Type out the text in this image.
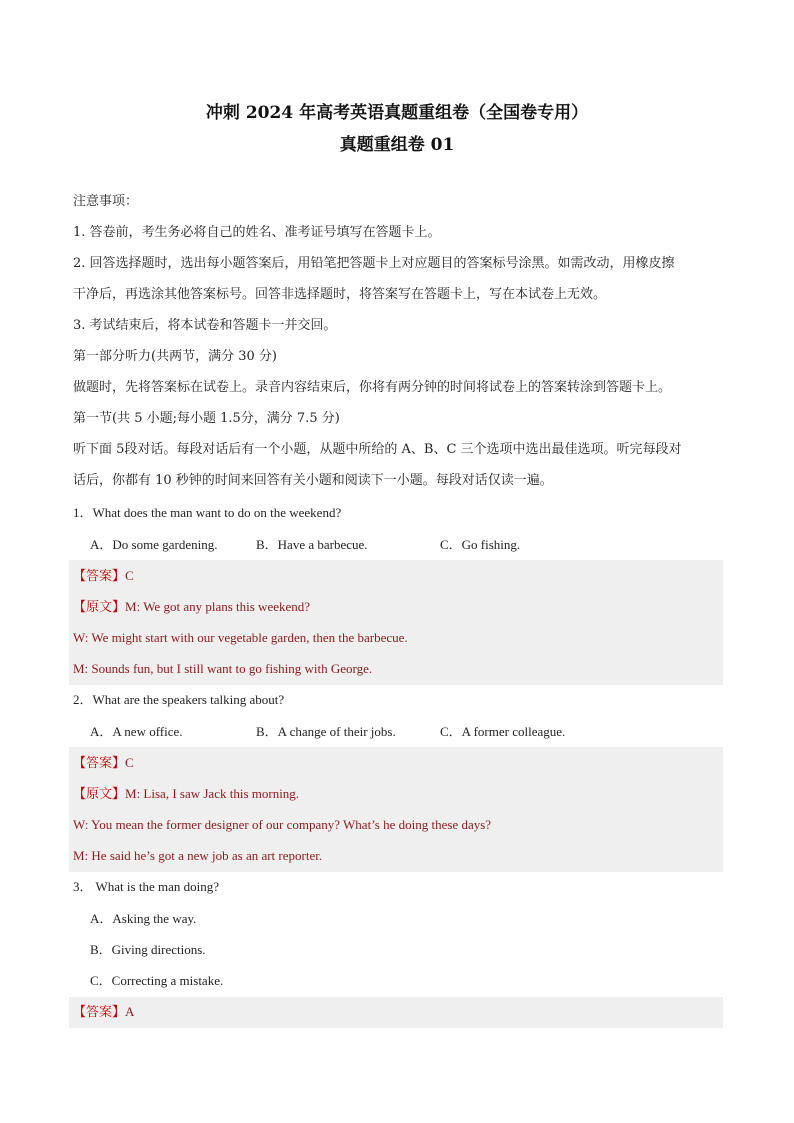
冲刺 2024 年高考英语真题重组卷（全国卷专用）
真题重组卷 01
注意事项：
1. 答卷前，考生务必将自己的姓名、准考证号填写在答题卡上。
2. 回答选择题时，选出每小题答案后，用铅笔把答题卡上对应题目的答案标号涂黑。如需改动，用橡皮擦
干净后，再选涂其他答案标号。回答非选择题时，将答案写在答题卡上，写在本试卷上无效。
3. 考试结束后，将本试卷和答题卡一并交回。
第一部分听力(共两节，满分 30 分)
做题时，先将答案标在试卷上。录音内容结束后，你将有两分钟的时间将试卷上的答案转涂到答题卡上。
第一节(共 5 小题;每小题 1.5分，满分 7.5 分)
听下面 5段对话。每段对话后有一个小题，从题中所给的 A、B、C 三个选项中选出最佳选项。听完每段对
话后，你都有 10 秒钟的时间来回答有关小题和阅读下一小题。每段对话仅读一遍。
1．What does the man want to do on the weekend?
A．Do some gardening.	B．Have a barbecue.	C．Go fishing.
【答案】C
【原文】M: We got any plans this weekend?
W: We might start with our vegetable garden, then the barbecue.
M: Sounds fun, but I still want to go fishing with George.
2．What are the speakers talking about?
A．A new office.	B．A change of their jobs.	C．A former colleague.
【答案】C
【原文】M: Lisa, I saw Jack this morning.
W: You mean the former designer of our company? What’s he doing these days?
M: He said he’s got a new job as an art reporter.
3． What is the man doing?
A．Asking the way.
B．Giving directions.
C．Correcting a mistake.
【答案】A
